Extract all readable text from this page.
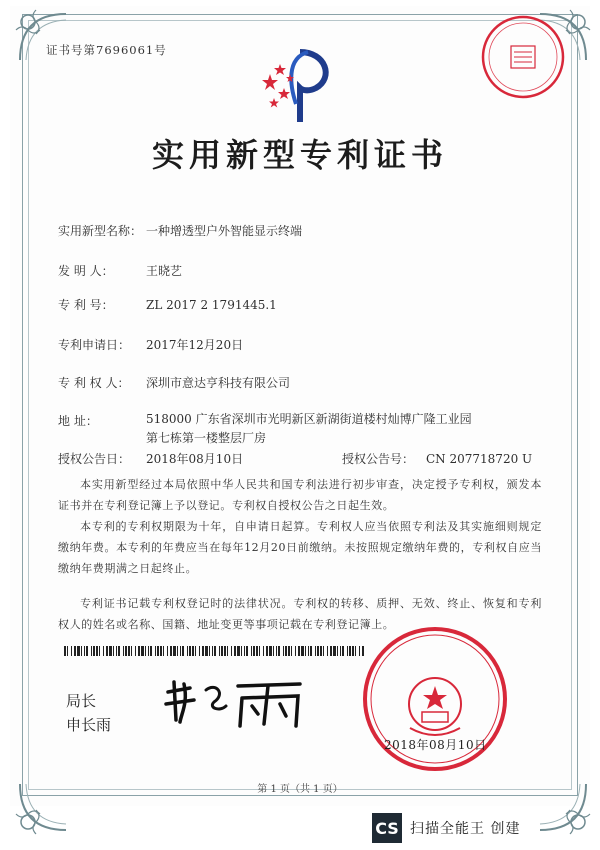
证书号第7696061号
实用新型专利证书
实用新型名称： 一种增透型户外智能显示终端
发 明 人：	王晓艺
专 利 号：	ZL 2017 2 1791445.1
专利申请日： 2017年12月20日
专 利 权 人： 深圳市意达亨科技有限公司
地 址：	518000 广东省深圳市光明新区新湖街道楼村灿博广隆工业园第七栋第一楼整层厂房
授权公告日： 2018年08月10日	授权公告号： CN 207718720 U

本实用新型经过本局依照中华人民共和国专利法进行初步审查，决定授予专利权，颁发本证书并在专利登记簿上予以登记。专利权自授权公告之日起生效。

本专利的专利权期限为十年，自申请日起算。专利权人应当依照专利法及其实施细则规定缴纳年费。本专利的年费应当在每年12月20日前缴纳。未按照规定缴纳年费的，专利权自应当缴纳年费期满之日起终止。

专利证书记载专利权登记时的法律状况。专利权的转移、质押、无效、终止、恢复和专利权人的姓名或名称、国籍、地址变更等事项记载在专利登记簿上。

局长
申长雨
2018年08月10日
第 1 页（共 1 页）
CS 扫描全能王 创建
